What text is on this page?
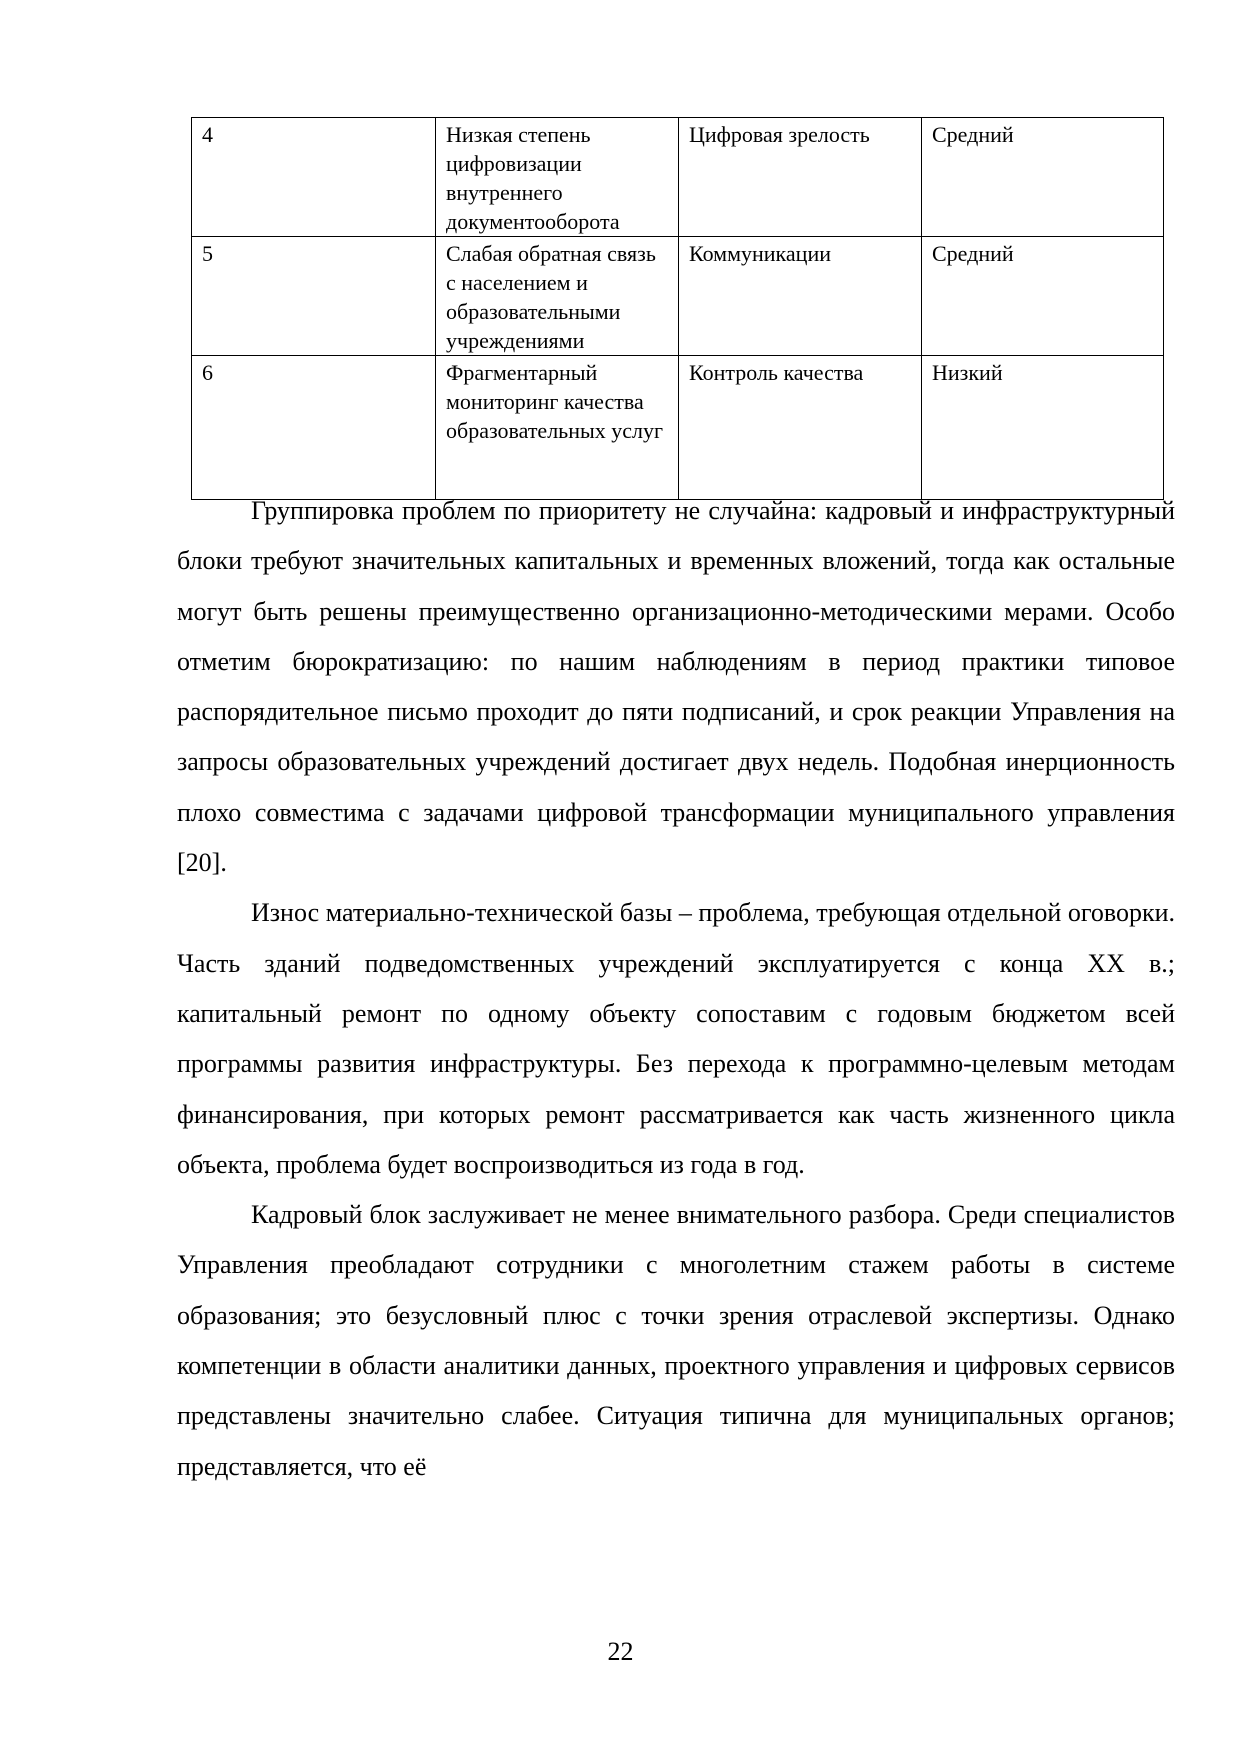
4	Низкая степень цифровизации внутреннего документооборота	Цифровая зрелость	Средний
5	Слабая обратная связь с населением и образовательными учреждениями	Коммуникации	Средний
6	Фрагментарный мониторинг качества образовательных услуг	Контроль качества	Низкий

Группировка проблем по приоритету не случайна: кадровый и инфраструктурный блоки требуют значительных капитальных и временных вложений, тогда как остальные могут быть решены преимущественно организационно-методическими мерами. Особо отметим бюрократизацию: по нашим наблюдениям в период практики типовое распорядительное письмо проходит до пяти подписаний, и срок реакции Управления на запросы образовательных учреждений достигает двух недель. Подобная инерционность плохо совместима с задачами цифровой трансформации муниципального управления [20].

Износ материально-технической базы – проблема, требующая отдельной оговорки. Часть зданий подведомственных учреждений эксплуатируется с конца XX в.; капитальный ремонт по одному объекту сопоставим с годовым бюджетом всей программы развития инфраструктуры. Без перехода к программно-целевым методам финансирования, при которых ремонт рассматривается как часть жизненного цикла объекта, проблема будет воспроизводиться из года в год.

Кадровый блок заслуживает не менее внимательного разбора. Среди специалистов Управления преобладают сотрудники с многолетним стажем работы в системе образования; это безусловный плюс с точки зрения отраслевой экспертизы. Однако компетенции в области аналитики данных, проектного управления и цифровых сервисов представлены значительно слабее. Ситуация типична для муниципальных органов; представляется, что её

22
